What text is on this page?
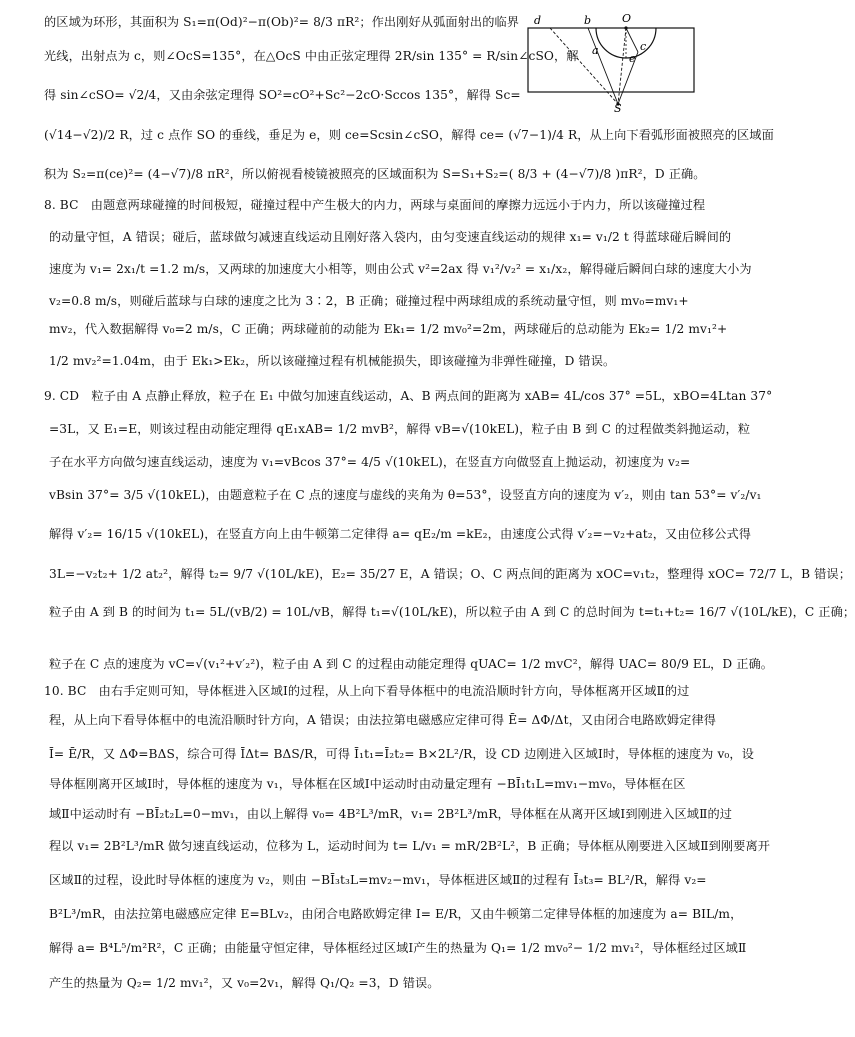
d	b	O
a	c
e
S
的区域为环形，其面积为 S₁=π(Od)²−π(Ob)²= 8/3 πR²；作出刚好从弧面射出的临界
光线，出射点为 c，则∠OcS=135°，在△OcS 中由正弦定理得 2R/sin 135° = R/sin∠cSO，解
得 sin∠cSO= √2/4，又由余弦定理得 SO²=cO²+Sc²−2cO·Sccos 135°，解得 Sc=
(√14−√2)/2 R，过 c 点作 SO 的垂线，垂足为 e，则 ce=Scsin∠cSO，解得 ce= (√7−1)/4 R，从上向下看弧形面被照亮的区域面
积为 S₂=π(ce)²= (4−√7)/8 πR²，所以俯视看棱镜被照亮的区域面积为 S=S₁+S₂=( 8/3 + (4−√7)/8 )πR²，D 正确。
8. BC　由题意两球碰撞的时间极短，碰撞过程中产生极大的内力，两球与桌面间的摩擦力远远小于内力，所以该碰撞过程
的动量守恒，A 错误；碰后，蓝球做匀减速直线运动且刚好落入袋内，由匀变速直线运动的规律 x₁= v₁/2 t 得蓝球碰后瞬间的
速度为 v₁= 2x₁/t =1.2 m/s，又两球的加速度大小相等，则由公式 v²=2ax 得 v₁²/v₂² = x₁/x₂，解得碰后瞬间白球的速度大小为
v₂=0.8 m/s，则碰后蓝球与白球的速度之比为 3∶2，B 正确；碰撞过程中两球组成的系统动量守恒，则 mv₀=mv₁+
mv₂，代入数据解得 v₀=2 m/s，C 正确；两球碰前的动能为 Ek₁= 1/2 mv₀²=2m，两球碰后的总动能为 Ek₂= 1/2 mv₁²+
1/2 mv₂²=1.04m，由于 Ek₁>Ek₂，所以该碰撞过程有机械能损失，即该碰撞为非弹性碰撞，D 错误。
9. CD　粒子由 A 点静止释放，粒子在 E₁ 中做匀加速直线运动，A、B 两点间的距离为 xAB= 4L/cos 37° =5L，xBO=4Ltan 37°
=3L，又 E₁=E，则该过程由动能定理得 qE₁xAB= 1/2 mvB²，解得 vB=√(10kEL)，粒子由 B 到 C 的过程做类斜抛运动，粒
子在水平方向做匀速直线运动，速度为 v₁=vBcos 37°= 4/5 √(10kEL)，在竖直方向做竖直上抛运动，初速度为 v₂=
vBsin 37°= 3/5 √(10kEL)，由题意粒子在 C 点的速度与虚线的夹角为 θ=53°，设竖直方向的速度为 v′₂，则由 tan 53°= v′₂/v₁
解得 v′₂= 16/15 √(10kEL)，在竖直方向上由牛顿第二定律得 a= qE₂/m =kE₂，由速度公式得 v′₂=−v₂+at₂，又由位移公式得
3L=−v₂t₂+ 1/2 at₂²，解得 t₂= 9/7 √(10L/kE)，E₂= 35/27 E，A 错误；O、C 两点间的距离为 xOC=v₁t₂，整理得 xOC= 72/7 L，B 错误；
粒子由 A 到 B 的时间为 t₁= 5L/(vB/2) = 10L/vB，解得 t₁=√(10L/kE)，所以粒子由 A 到 C 的总时间为 t=t₁+t₂= 16/7 √(10L/kE)，C 正确；
粒子在 C 点的速度为 vC=√(v₁²+v′₂²)，粒子由 A 到 C 的过程由动能定理得 qUAC= 1/2 mvC²，解得 UAC= 80/9 EL，D 正确。
10. BC　由右手定则可知，导体框进入区域Ⅰ的过程，从上向下看导体框中的电流沿顺时针方向，导体框离开区域Ⅱ的过
程，从上向下看导体框中的电流沿顺时针方向，A 错误；由法拉第电磁感应定律可得 Ē= ΔΦ/Δt，又由闭合电路欧姆定律得
Ī= Ē/R，又 ΔΦ=BΔS，综合可得 ĪΔt= BΔS/R，可得 Ī₁t₁=Ī₂t₂= B×2L²/R，设 CD 边刚进入区域Ⅰ时，导体框的速度为 v₀，设
导体框刚离开区域Ⅰ时，导体框的速度为 v₁，导体框在区域Ⅰ中运动时由动量定理有 −BĪ₁t₁L=mv₁−mv₀，导体框在区
域Ⅱ中运动时有 −BĪ₂t₂L=0−mv₁，由以上解得 v₀= 4B²L³/mR，v₁= 2B²L³/mR，导体框在从离开区域Ⅰ到刚进入区域Ⅱ的过
程以 v₁= 2B²L³/mR 做匀速直线运动，位移为 L，运动时间为 t= L/v₁ = mR/2B²L²，B 正确；导体框从刚要进入区域Ⅱ到刚要离开
区域Ⅱ的过程，设此时导体框的速度为 v₂，则由 −BĪ₃t₃L=mv₂−mv₁，导体框进区域Ⅱ的过程有 Ī₃t₃= BL²/R，解得 v₂=
B²L³/mR，由法拉第电磁感应定律 E=BLv₂，由闭合电路欧姆定律 I= E/R，又由牛顿第二定律导体框的加速度为 a= BIL/m，
解得 a= B⁴L⁵/m²R²，C 正确；由能量守恒定律，导体框经过区域Ⅰ产生的热量为 Q₁= 1/2 mv₀²− 1/2 mv₁²，导体框经过区域Ⅱ
产生的热量为 Q₂= 1/2 mv₁²，又 v₀=2v₁，解得 Q₁/Q₂ =3，D 错误。
